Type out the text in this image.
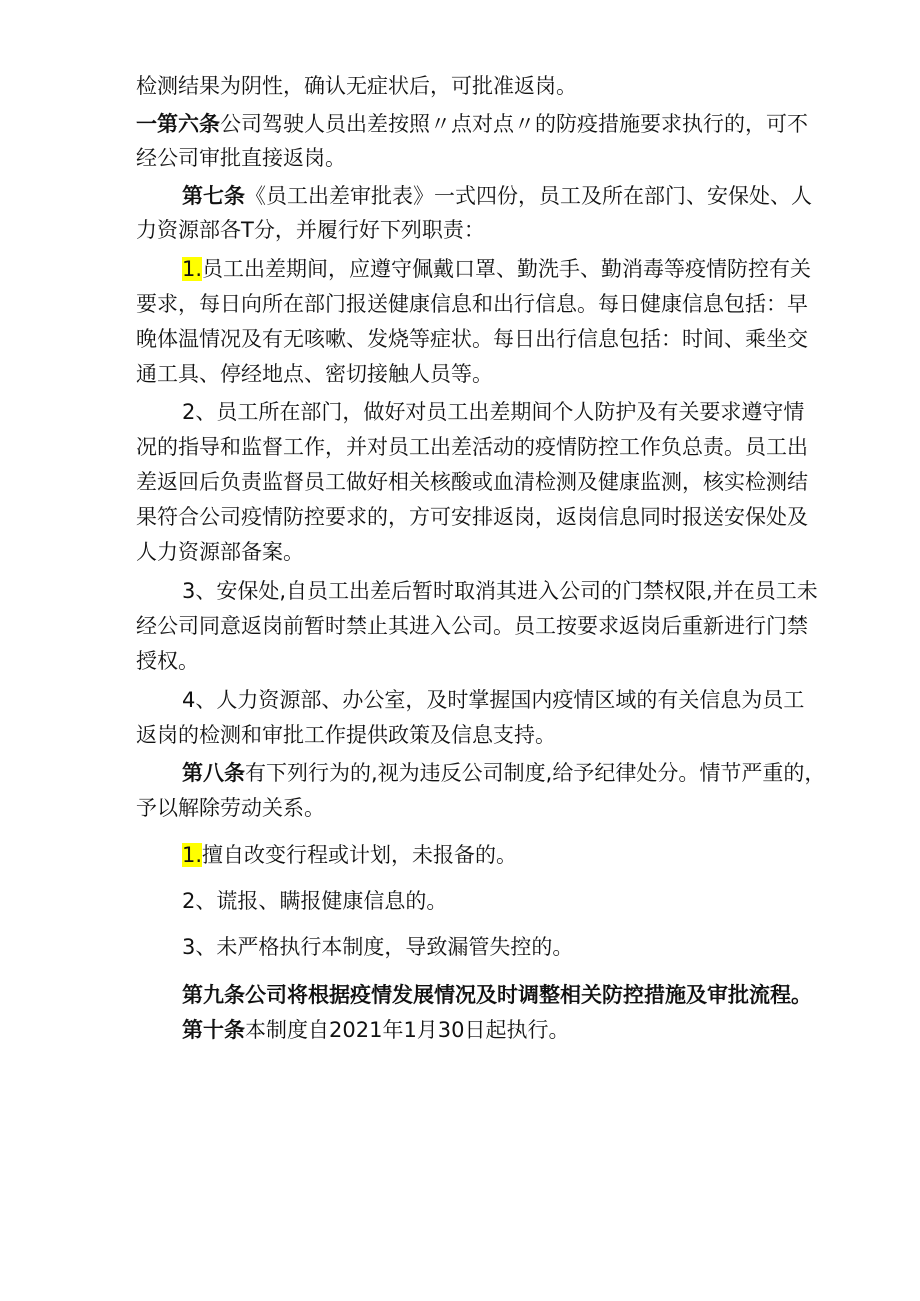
检测结果为阴性，确认无症状后，可批准返岗。
一第六条公司驾驶人员出差按照〃点对点〃的防疫措施要求执行的，可不
经公司审批直接返岗。
第七条《员工出差审批表》一式四份，员工及所在部门、安保处、人
力资源部各T分，并履行好下列职责：
1.员工出差期间，应遵守佩戴口罩、勤洗手、勤消毒等疫情防控有关
要求，每日向所在部门报送健康信息和出行信息。每日健康信息包括：早
晚体温情况及有无咳嗽、发烧等症状。每日出行信息包括：时间、乘坐交
通工具、停经地点、密切接触人员等。
2、员工所在部门，做好对员工出差期间个人防护及有关要求遵守情
况的指导和监督工作，并对员工出差活动的疫情防控工作负总责。员工出
差返回后负责监督员工做好相关核酸或血清检测及健康监测，核实检测结
果符合公司疫情防控要求的，方可安排返岗，返岗信息同时报送安保处及
人力资源部备案。
3、安保处,自员工出差后暂时取消其进入公司的门禁权限,并在员工未
经公司同意返岗前暂时禁止其进入公司。员工按要求返岗后重新进行门禁
授权。
4、人力资源部、办公室，及时掌握国内疫情区域的有关信息为员工
返岗的检测和审批工作提供政策及信息支持。
第八条有下列行为的,视为违反公司制度,给予纪律处分。情节严重的，
予以解除劳动关系。
1.擅自改变行程或计划，未报备的。
2、谎报、瞒报健康信息的。
3、未严格执行本制度，导致漏管失控的。
第九条公司将根据疫情发展情况及时调整相关防控措施及审批流程。
第十条本制度自2021年1月30日起执行。
